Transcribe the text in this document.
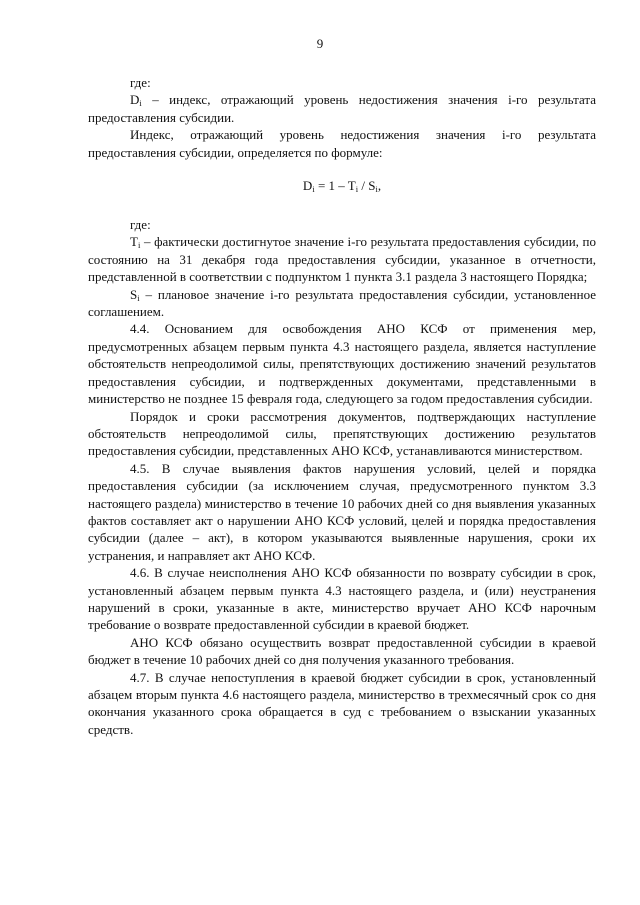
9

где:

$D_i$ – индекс, отражающий уровень недостижения значения i-го результата предоставления субсидии.

Индекс, отражающий уровень недостижения значения i-го результата предоставления субсидии, определяется по формуле:

$D_i = 1 - T_i / S_i$,

где:

$T_i$ – фактически достигнутое значение i-го результата предоставления субсидии, по состоянию на 31 декабря года предоставления субсидии, указанное в отчетности, представленной в соответствии с подпунктом 1 пункта 3.1 раздела 3 настоящего Порядка;

$S_i$ – плановое значение i-го результата предоставления субсидии, установленное соглашением.

4.4. Основанием для освобождения АНО КСФ от применения мер, предусмотренных абзацем первым пункта 4.3 настоящего раздела, является наступление обстоятельств непреодолимой силы, препятствующих достижению значений результатов предоставления субсидии, и подтвержденных документами, представленными в министерство не позднее 15 февраля года, следующего за годом предоставления субсидии.

Порядок и сроки рассмотрения документов, подтверждающих наступление обстоятельств непреодолимой силы, препятствующих достижению результатов предоставления субсидии, представленных АНО КСФ, устанавливаются министерством.

4.5. В случае выявления фактов нарушения условий, целей и порядка предоставления субсидии (за исключением случая, предусмотренного пунктом 3.3 настоящего раздела) министерство в течение 10 рабочих дней со дня выявления указанных фактов составляет акт о нарушении АНО КСФ условий, целей и порядка предоставления субсидии (далее – акт), в котором указываются выявленные нарушения, сроки их устранения, и направляет акт АНО КСФ.

4.6. В случае неисполнения АНО КСФ обязанности по возврату субсидии в срок, установленный абзацем первым пункта 4.3 настоящего раздела, и (или) неустранения нарушений в сроки, указанные в акте, министерство вручает АНО КСФ нарочным требование о возврате предоставленной субсидии в краевой бюджет.

АНО КСФ обязано осуществить возврат предоставленной субсидии в краевой бюджет в течение 10 рабочих дней со дня получения указанного требования.

4.7. В случае непоступления в краевой бюджет субсидии в срок, установленный абзацем вторым пункта 4.6 настоящего раздела, министерство в трехмесячный срок со дня окончания указанного срока обращается в суд с требованием о взыскании указанных средств.
